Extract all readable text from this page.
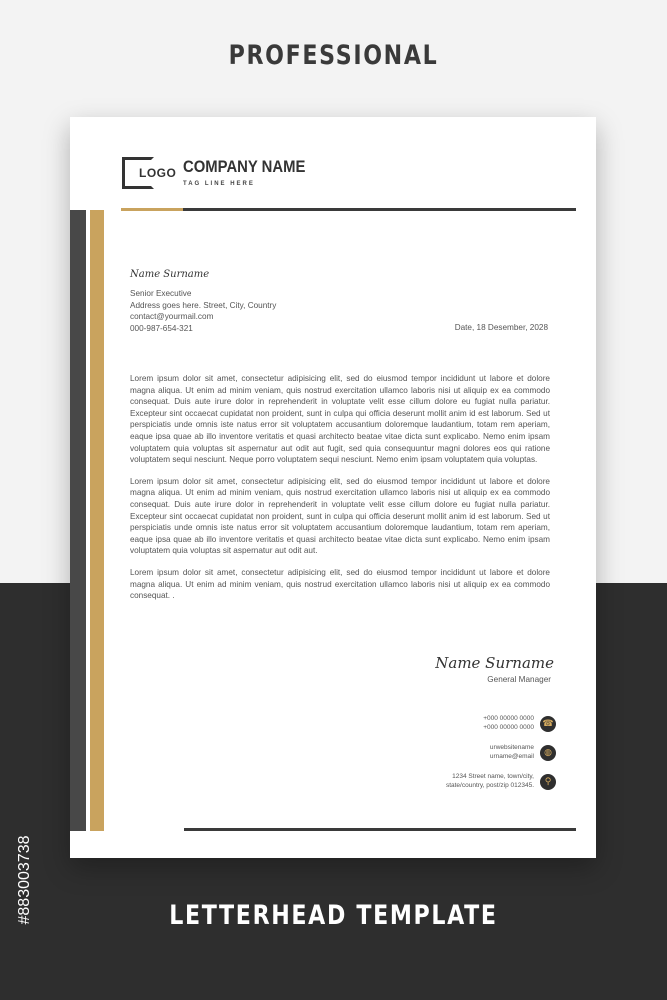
PROFESSIONAL
LOGO COMPANY NAME
TAG LINE HERE
Name Surname
Senior Executive
Address goes here. Street, City, Country
contact@yourmail.com
000-987-654-321	Date, 18 Desember, 2028

Lorem ipsum dolor sit amet, consectetur adipisicing elit, sed do eiusmod tempor incididunt ut labore et dolore magna aliqua. Ut enim ad minim veniam, quis nostrud exercitation ullamco laboris nisi ut aliquip ex ea commodo consequat. Duis aute irure dolor in reprehenderit in voluptate velit esse cillum dolore eu fugiat nulla pariatur. Excepteur sint occaecat cupidatat non proident, sunt in culpa qui officia deserunt mollit anim id est laborum. Sed ut perspiciatis unde omnis iste natus error sit voluptatem accusantium doloremque laudantium, totam rem aperiam, eaque ipsa quae ab illo inventore veritatis et quasi architecto beatae vitae dicta sunt explicabo. Nemo enim ipsam voluptatem quia voluptas sit aspernatur aut odit aut fugit, sed quia consequuntur magni dolores eos qui ratione voluptatem sequi nesciunt. Neque porro voluptatem sequi nesciunt. Nemo enim ipsam voluptatem quia voluptas.

Lorem ipsum dolor sit amet, consectetur adipisicing elit, sed do eiusmod tempor incididunt ut labore et dolore magna aliqua. Ut enim ad minim veniam, quis nostrud exercitation ullamco laboris nisi ut aliquip ex ea commodo consequat. Duis aute irure dolor in reprehenderit in voluptate velit esse cillum dolore eu fugiat nulla pariatur. Excepteur sint occaecat cupidatat non proident, sunt in culpa qui officia deserunt mollit anim id est laborum. Sed ut perspiciatis unde omnis iste natus error sit voluptatem accusantium doloremque laudantium, totam rem aperiam, eaque ipsa quae ab illo inventore veritatis et quasi architecto beatae vitae dicta sunt explicabo. Nemo enim ipsam voluptatem quia voluptas sit aspernatur aut odit aut.

Lorem ipsum dolor sit amet, consectetur adipisicing elit, sed do eiusmod tempor incididunt ut labore et dolore magna aliqua. Ut enim ad minim veniam, quis nostrud exercitation ullamco laboris nisi ut aliquip ex ea commodo consequat. .

Name Surname
General Manager
+000 00000 0000
+000 00000 0000 ☎
urwebsitename
urname@email	◍
1234 Street name, town/city,
state/country, post/zip 012345.	⚲
LETTERHEAD TEMPLATE
#883003738
